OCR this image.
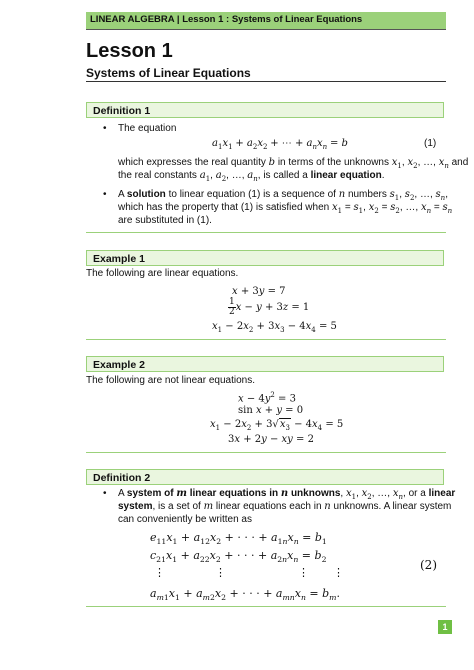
LINEAR ALGEBRA | Lesson 1 : Systems of Linear Equations
Lesson 1
Systems of Linear Equations
Definition 1
• The equation
$a_1x_1 + a_2x_2$ + ⋯ + $a_nx_n = b$	(1)
which expresses the real quantity b in terms of the unknowns $x_1$, $x_2$, …, $x_n$ and
the real constants $a_1$, $a_2$, …, $a_n$, is called a linear equation.
• A solution to linear equation (1) is a sequence of n numbers $s_1$, $s_2$, …, $s_n$,
which has the property that (1) is satisfied when $x_1 = s_1$, $x_2 = s_2$, …, $x_n = s_n$
are substituted in (1).
Example 1
The following are linear equations.
x + 3y = 7
$\frac{1}{2}$ x − y + 3z = 1
$x_1 - 2x_2 + 3x_3 - 4x_4 = 5$
Example 2
The following are not linear equations.
$x - 4y^2 = 3$
sin x + y = 0
$x_1 - 2x_2 + 3√x_3 - 4x_4 = 5$
3x + 2y − xy = 2
Definition 2
• A system of m linear equations in n unknowns, $x_1$, $x_2$, …, $x_n$, or a linear
system, is a set of m linear equations each in n unknowns. A linear system
can conveniently be written as
$e_{11}x_1 + a_{12}x_2$ + · · · + $a_{1n}x_n = b_1$
$c_{21}x_1 + a_{22}x_2$ + · · · + $a_{2n}x_n = b_2$
⋮	⋮	⋮ ⋮
$a_{m1}x_1 + a_{m2}x_2$ + · · · + $a_{mn}x_n = b_m$.
(2)
1
